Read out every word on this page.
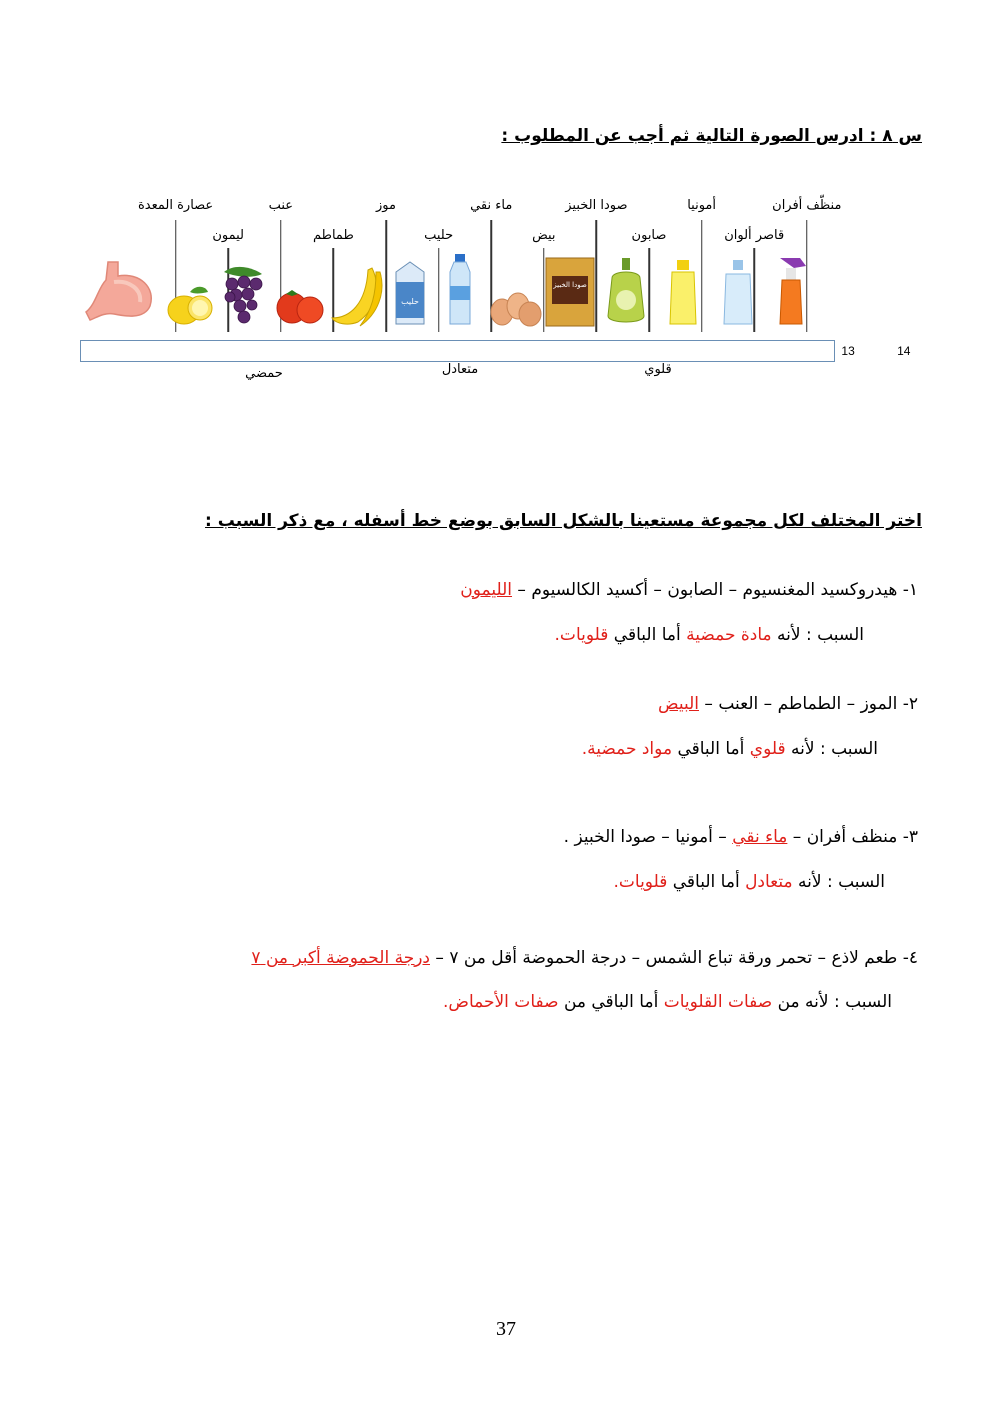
س ٨ : ادرس الصورة التالية ثم أجب عن المطلوب :
عصارة المعدة	عنب	موز	ماء نقي	صودا الخبيز	أمونيا	منظّف أفران
ليمون	طماطم	حليب	بيض	صابون	قاصر ألوان
13	14
حمضي	متعادل	قلوي
حليب
صودا الخبيز
اختر المختلف لكل مجموعة مستعينا بالشكل السابق بوضع خط أسفله ، مع ذكر السبب :
١- هيدروكسيد المغنسيوم – الصابون – أكسيد الكالسيوم – الليمون
السبب : لأنه مادة حمضية أما الباقي قلويات.
٢- الموز – الطماطم – العنب – البيض
السبب : لأنه قلوي أما الباقي مواد حمضية.
٣- منظف أفران – ماء نقي – أمونيا – صودا الخبيز .
السبب : لأنه متعادل أما الباقي قلويات.
٤- طعم لاذع – تحمر ورقة تباع الشمس – درجة الحموضة أقل من ٧ – درجة الحموضة أكبر من ٧
السبب : لأنه من صفات القلويات أما الباقي من صفات الأحماض.
37
